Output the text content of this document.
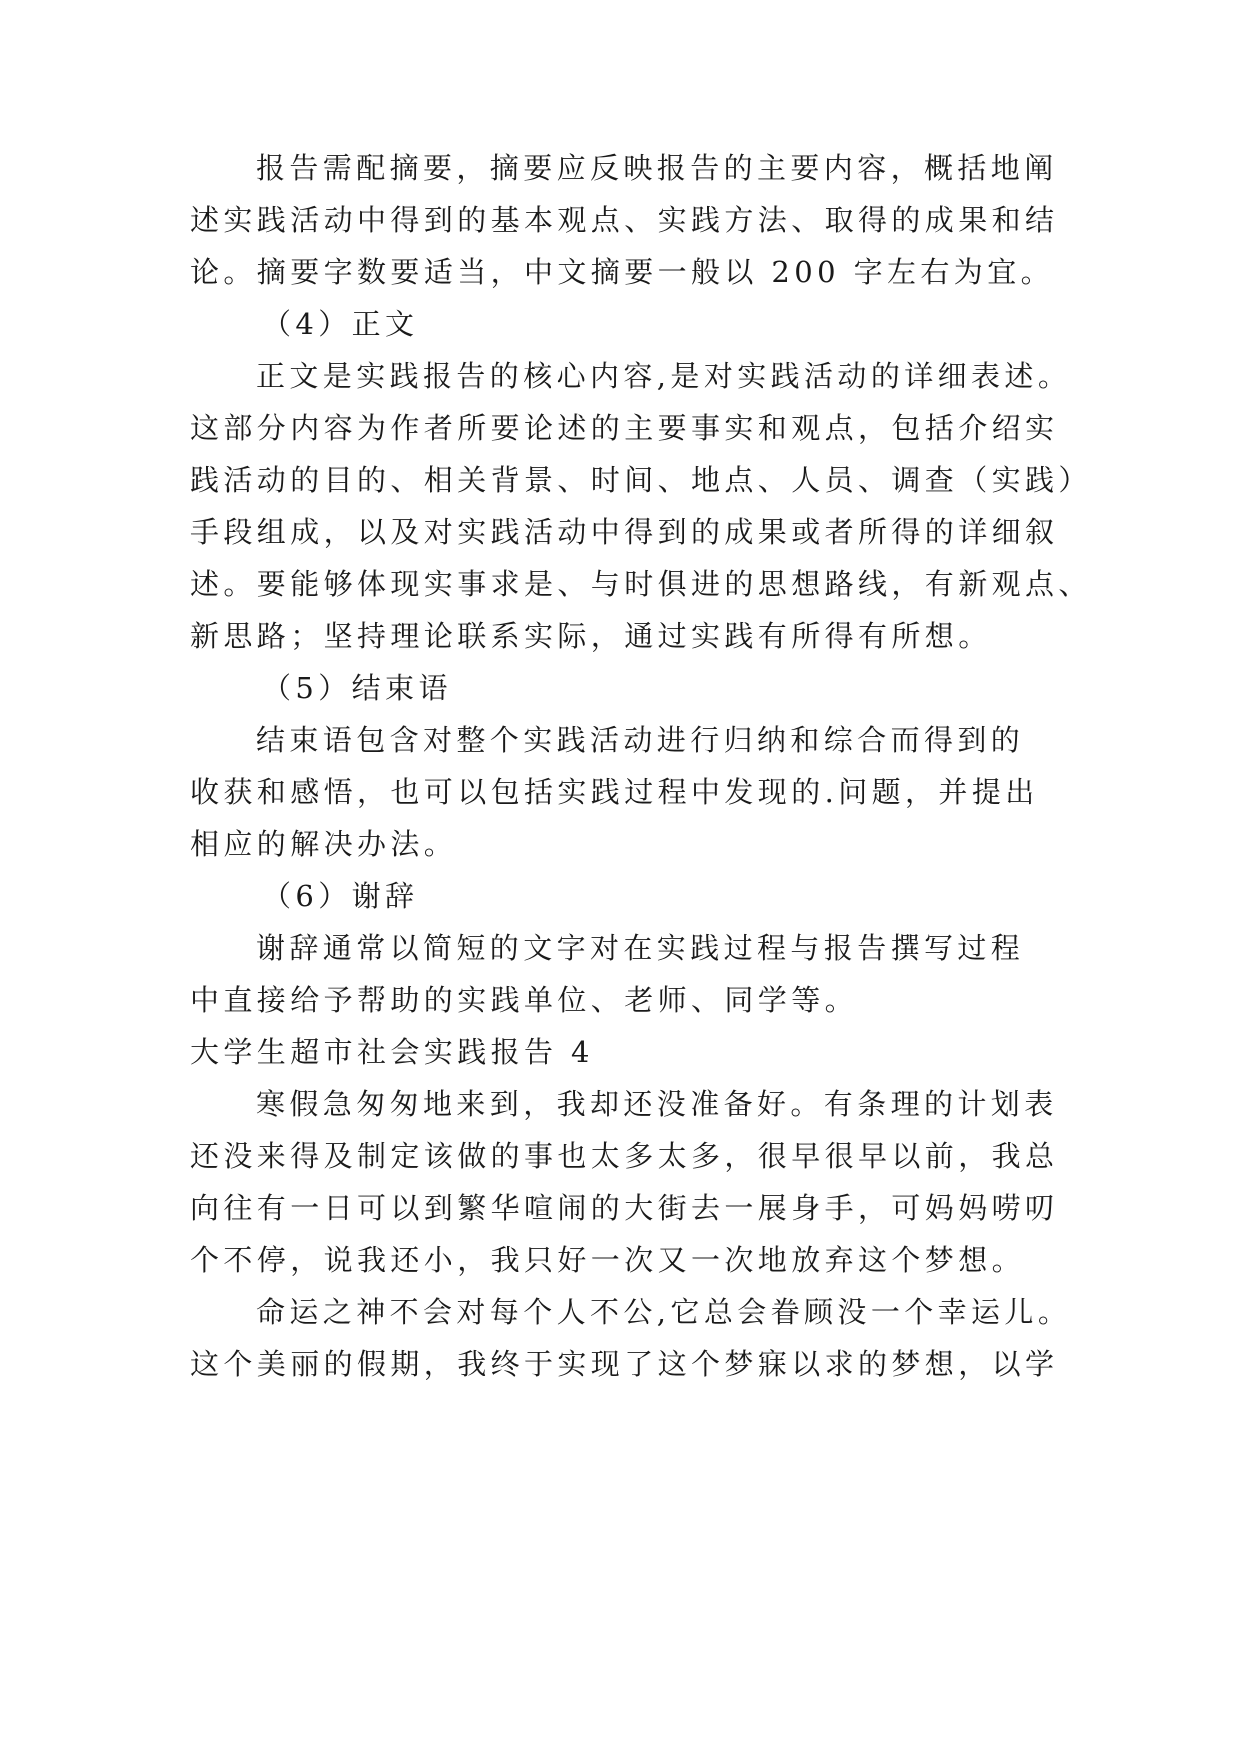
报告需配摘要，摘要应反映报告的主要内容，概括地阐
述实践活动中得到的基本观点、实践方法、取得的成果和结
论。摘要字数要适当，中文摘要一般以 200 字左右为宜。
（4）正文
正文是实践报告的核心内容,是对实践活动的详细表述。
这部分内容为作者所要论述的主要事实和观点，包括介绍实
践活动的目的、相关背景、时间、地点、人员、调查（实践）
手段组成，以及对实践活动中得到的成果或者所得的详细叙
述。要能够体现实事求是、与时俱进的思想路线，有新观点、
新思路；坚持理论联系实际，通过实践有所得有所想。
（5）结束语
结束语包含对整个实践活动进行归纳和综合而得到的
收获和感悟，也可以包括实践过程中发现的.问题，并提出
相应的解决办法。
（6）谢辞
谢辞通常以简短的文字对在实践过程与报告撰写过程
中直接给予帮助的实践单位、老师、同学等。
大学生超市社会实践报告 4
寒假急匆匆地来到，我却还没准备好。有条理的计划表
还没来得及制定该做的事也太多太多，很早很早以前，我总
向往有一日可以到繁华喧闹的大街去一展身手，可妈妈唠叨
个不停，说我还小，我只好一次又一次地放弃这个梦想。
命运之神不会对每个人不公,它总会眷顾没一个幸运儿。
这个美丽的假期，我终于实现了这个梦寐以求的梦想，以学
